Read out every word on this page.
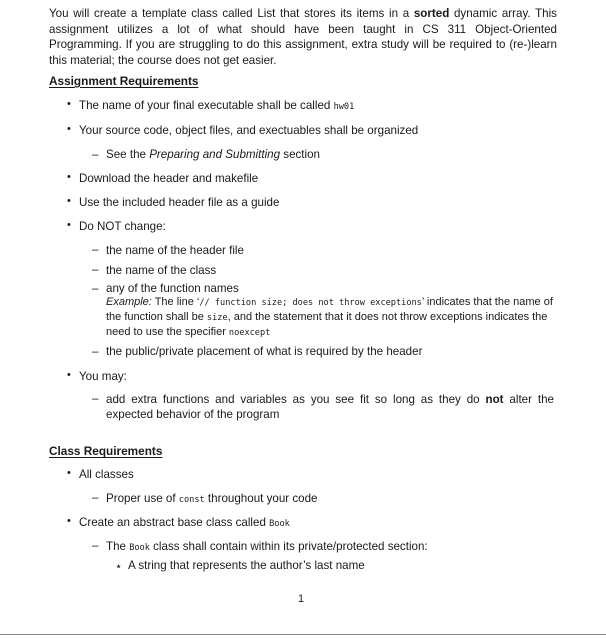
You will create a template class called List that stores its items in a sorted dynamic array. This assignment utilizes a lot of what should have been taught in CS 311 Object-Oriented Programming. If you are struggling to do this assignment, extra study will be required to (re-)learn this material; the course does not get easier.
Assignment Requirements
• The name of your final executable shall be called hw01
• Your source code, object files, and exectuables shall be organized
– See the Preparing and Submitting section
• Download the header and makefile
• Use the included header file as a guide
• Do NOT change:
– the name of the header file
– the name of the class
– any of the function names
Example: The line ‘// function size; does not throw exceptions’ indicates that the name of the function shall be size, and the statement that it does not throw exceptions indicates the need to use the specifier noexcept
– the public/private placement of what is required by the header
• You may:
– add extra functions and variables as you see fit so long as they do not alter the expected behavior of the program
Class Requirements
• All classes
– Proper use of const throughout your code
• Create an abstract base class called Book
– The Book class shall contain within its private/protected section:
⋆ A string that represents the author’s last name
1
